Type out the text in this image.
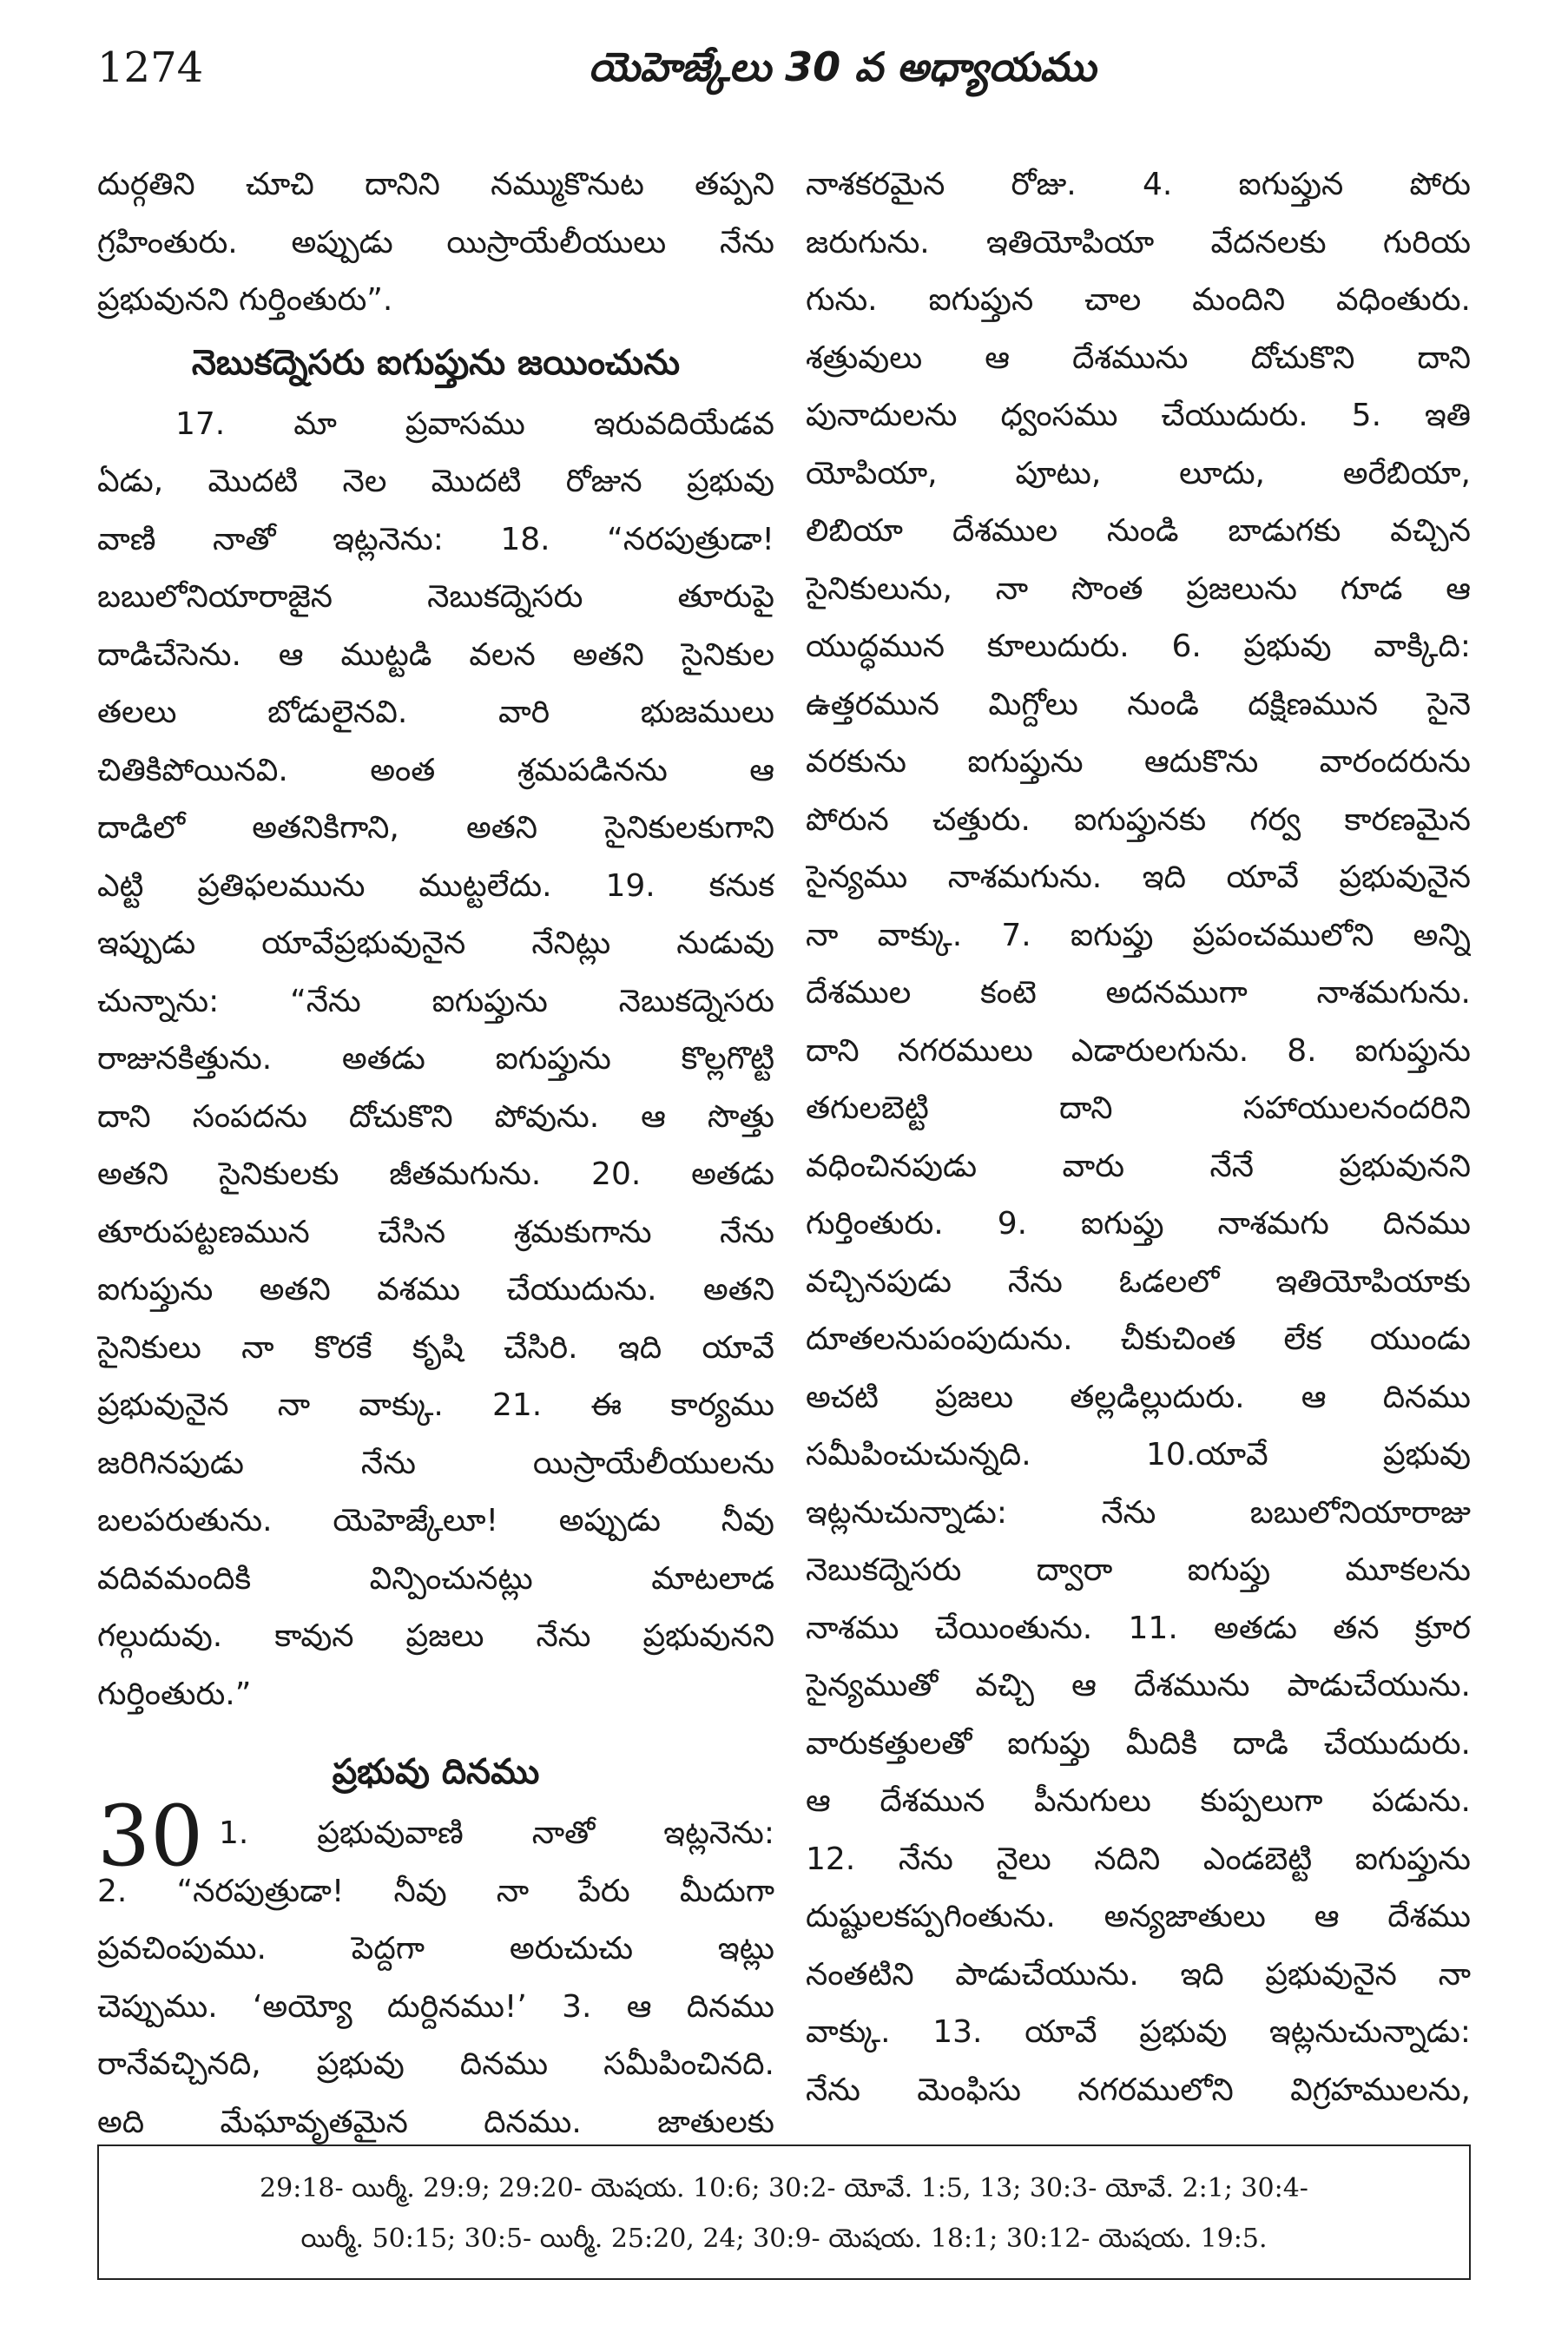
1274	యెహెజ్కేలు 30 వ అధ్యాయము
దుర్గతిని చూచి దానిని నమ్ముకొనుట తప్పని
గ్రహింతురు. అప్పుడు యిస్రాయేలీయులు నేను
ప్రభువునని గుర్తింతురు”.
నెబుకద్నెసరు ఐగుప్తును జయించును
17. మా ప్రవాసము ఇరువదియేడవ
ఏడు, మొదటి నెల మొదటి రోజున ప్రభువు
వాణి నాతో ఇట్లనెను: 18. “నరపుత్రుడా!
బబులోనియారాజైన నెబుకద్నెసరు తూరుపై
దాడిచేసెను. ఆ ముట్టడి వలన అతని సైనికుల
తలలు బోడులైనవి. వారి భుజములు
చితికిపోయినవి. అంత శ్రమపడినను ఆ
దాడిలో అతనికిగాని, అతని సైనికులకుగాని
ఎట్టి ప్రతిఫలమును ముట్టలేదు. 19. కనుక
ఇప్పుడు యావేప్రభువునైన నేనిట్లు నుడువు
చున్నాను: “నేను ఐగుప్తును నెబుకద్నెసరు
రాజునకిత్తును. అతడు ఐగుప్తును కొల్లగొట్టి
దాని సంపదను దోచుకొని పోవును. ఆ సొత్తు
అతని సైనికులకు జీతమగును. 20. అతడు
తూరుపట్టణమున చేసిన శ్రమకుగాను నేను
ఐగుప్తును అతని వశము చేయుదును. అతని
సైనికులు నా కొరకే కృషి చేసిరి. ఇది యావే
ప్రభువునైన నా వాక్కు. 21. ఈ కార్యము
జరిగినపుడు నేను యిస్రాయేలీయులను
బలపరుతును. యెహెజ్కేలూ! అప్పుడు నీవు
వదివమందికి విన్పించునట్లు మాటలాడ
గల్గుదువు. కావున ప్రజలు నేను ప్రభువునని
గుర్తింతురు.”
ప్రభువు దినము
30 1. ప్రభువువాణి నాతో ఇట్లనెను:
2. “నరపుత్రుడా! నీవు నా పేరు మీదుగా
ప్రవచింపుము. పెద్దగా అరుచుచు ఇట్లు
చెప్పుము. ‘అయ్యో దుర్దినము!’ 3. ఆ దినము
రానేవచ్చినది, ప్రభువు దినము సమీపించినది.
అది మేఘావృతమైన దినము. జాతులకు
నాశకరమైన రోజు. 4. ఐగుప్తున పోరు
జరుగును. ఇతియోపియా వేదనలకు గురియ
గును. ఐగుప్తున చాల మందిని వధింతురు.
శత్రువులు ఆ దేశమును దోచుకొని దాని
పునాదులను ధ్వంసము చేయుదురు. 5. ఇతి
యోపియా, పూటు, లూదు, అరేబియా,
లిబియా దేశముల నుండి బాడుగకు వచ్చిన
సైనికులును, నా సొంత ప్రజలును గూడ ఆ
యుద్ధమున కూలుదురు. 6. ప్రభువు వాక్కిది:
ఉత్తరమున మిగ్దోలు నుండి దక్షిణమున సైనె
వరకును ఐగుప్తును ఆదుకొను వారందరును
పోరున చత్తురు. ఐగుప్తునకు గర్వ కారణమైన
సైన్యము నాశమగును. ఇది యావే ప్రభువునైన
నా వాక్కు. 7. ఐగుప్తు ప్రపంచములోని అన్ని
దేశముల కంటె అదనముగా నాశమగును.
దాని నగరములు ఎడారులగును. 8. ఐగుప్తును
తగులబెట్టి దాని సహాయులనందరిని
వధించినపుడు వారు నేనే ప్రభువునని
గుర్తింతురు. 9. ఐగుప్తు నాశమగు దినము
వచ్చినపుడు నేను ఓడలలో ఇతియోపియాకు
దూతలనుపంపుదును. చీకుచింత లేక యుండు
అచటి ప్రజలు తల్లడిల్లుదురు. ఆ దినము
సమీపించుచున్నది. 10.యావే ప్రభువు
ఇట్లనుచున్నాడు: నేను బబులోనియారాజు
నెబుకద్నెసరు ద్వారా ఐగుప్తు మూకలను
నాశము చేయింతును. 11. అతడు తన క్రూర
సైన్యముతో వచ్చి ఆ దేశమును పాడుచేయును.
వారుకత్తులతో ఐగుప్తు మీదికి దాడి చేయుదురు.
ఆ దేశమున పీనుగులు కుప్పలుగా పడును.
12. నేను నైలు నదిని ఎండబెట్టి ఐగుప్తును
దుష్టులకప్పగింతును. అన్యజాతులు ఆ దేశము
నంతటిని పాడుచేయును. ఇది ప్రభువునైన నా
వాక్కు. 13. యావే ప్రభువు ఇట్లనుచున్నాడు:
నేను మెంఫిసు నగరములోని విగ్రహములను,
29:18- యిర్మీ. 29:9; 29:20- యెషయ. 10:6; 30:2- యోవే. 1:5, 13; 30:3- యోవే. 2:1; 30:4-
యిర్మీ. 50:15; 30:5- యిర్మీ. 25:20, 24; 30:9- యెషయ. 18:1; 30:12- యెషయ. 19:5.
